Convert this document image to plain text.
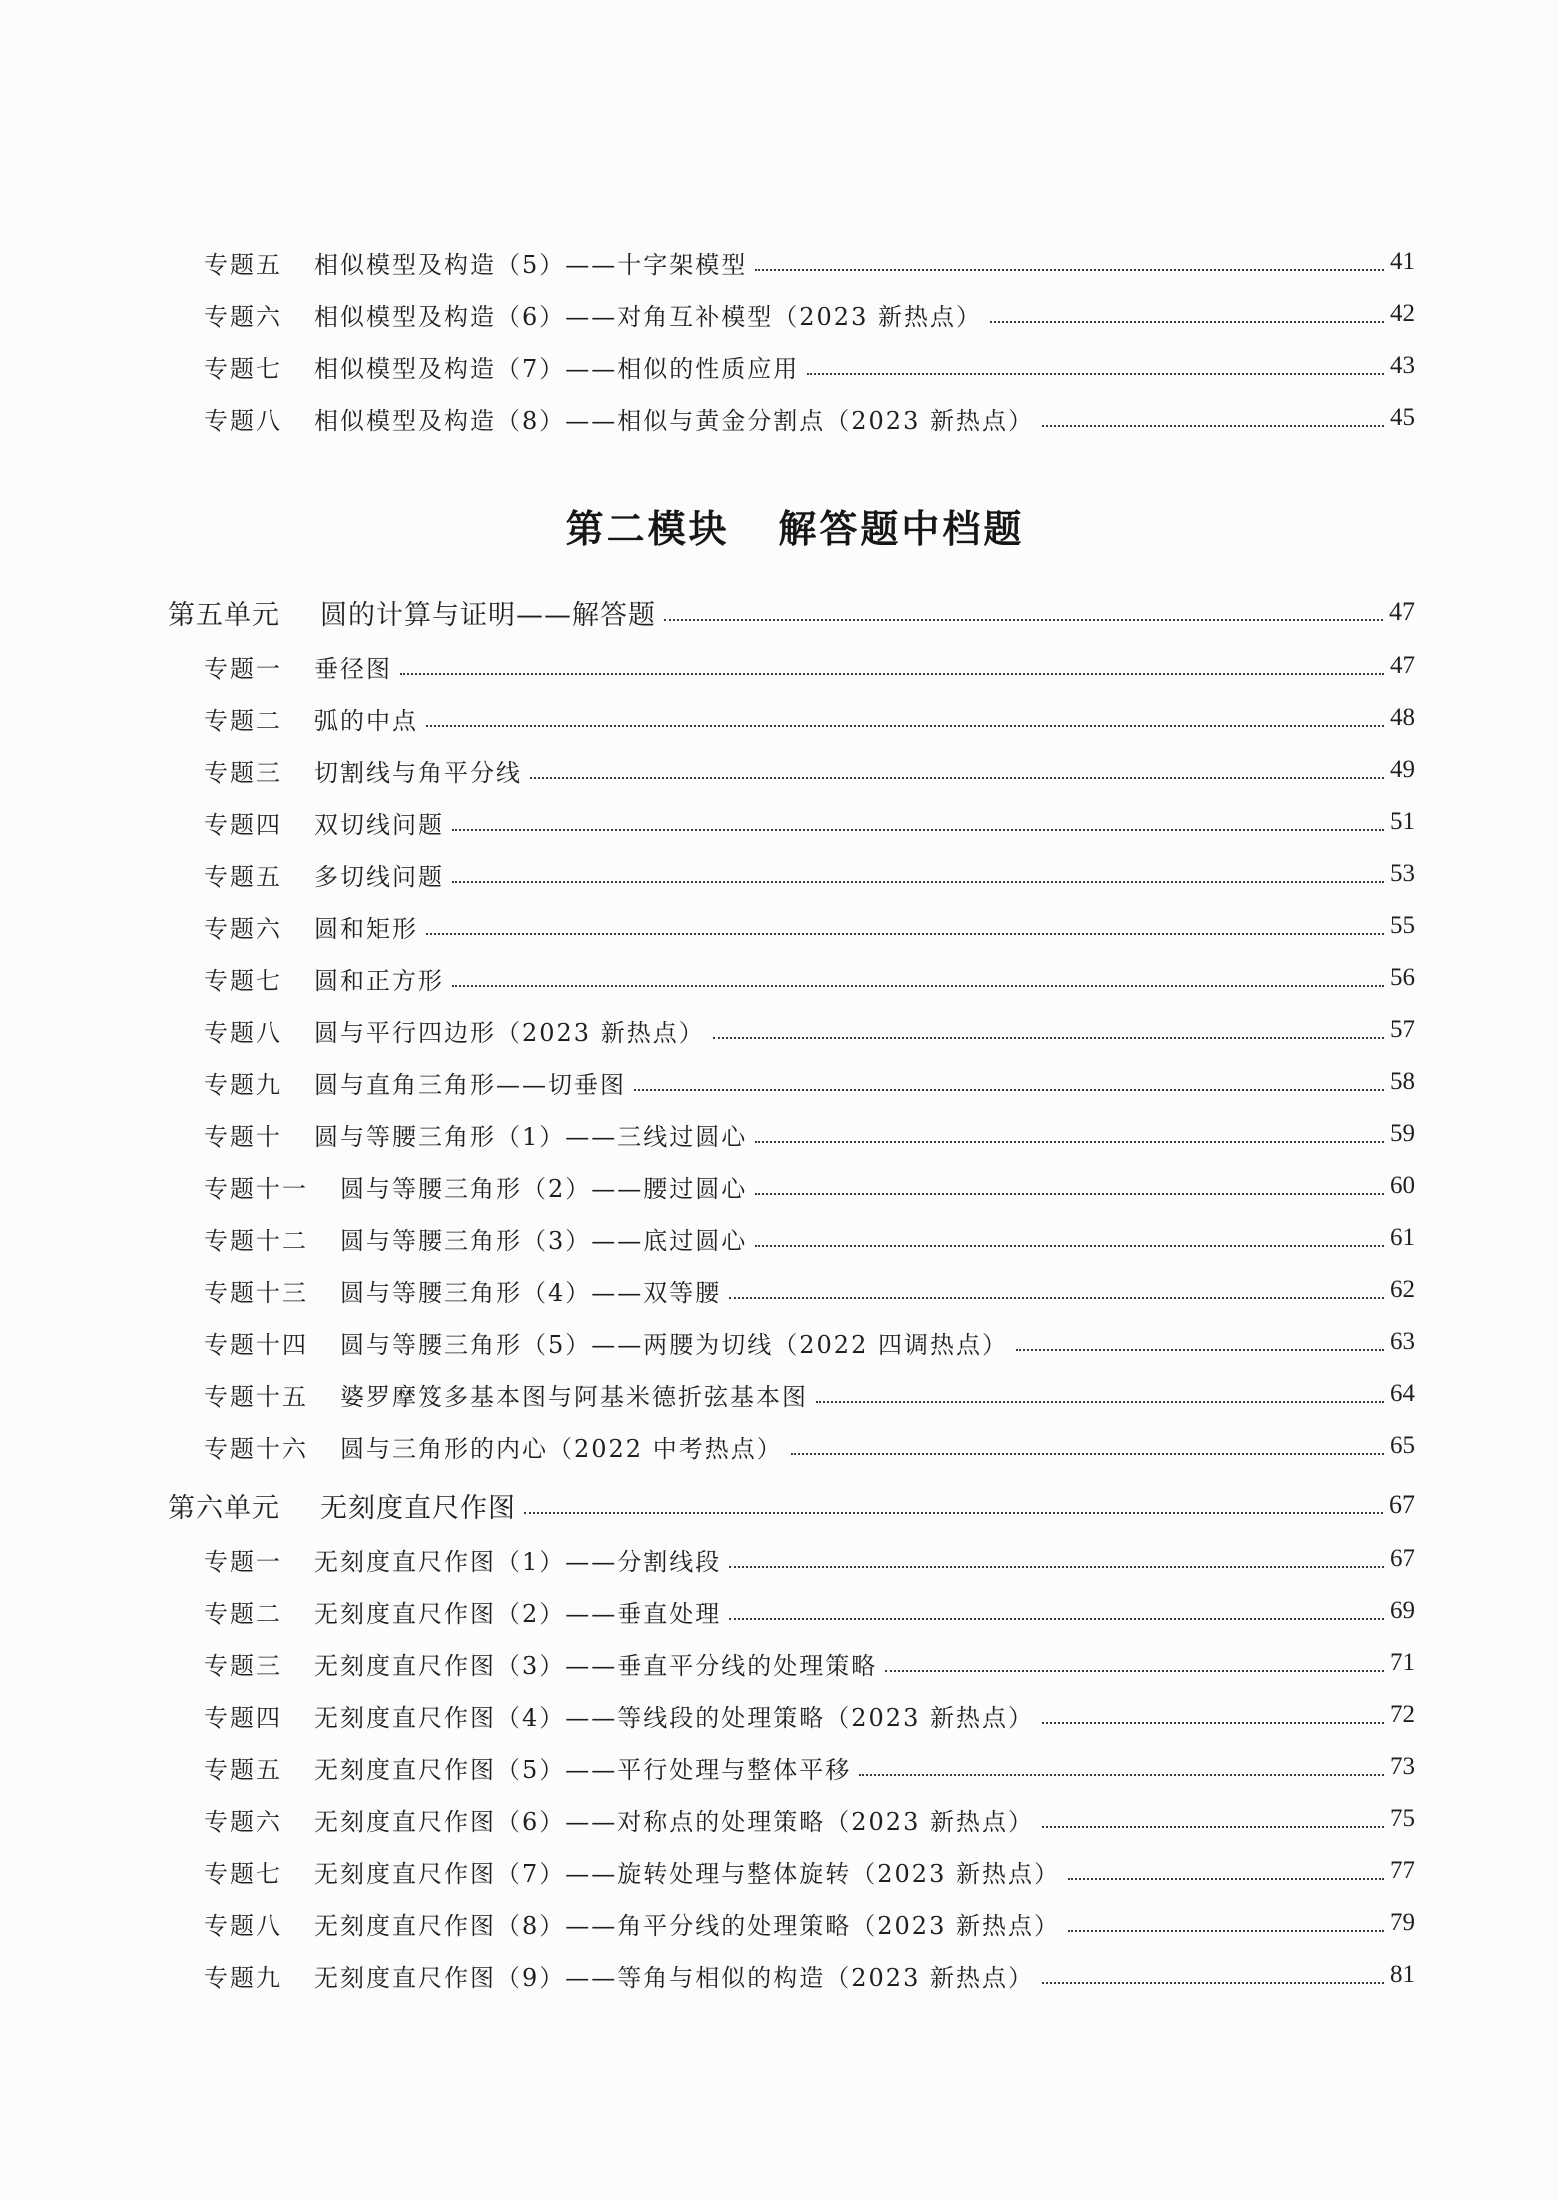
专题五 相似模型及构造（5）——十字架模型	41
专题六 相似模型及构造（6）——对角互补模型（2023 新热点）	42
专题七 相似模型及构造（7）——相似的性质应用	43
专题八 相似模型及构造（8）——相似与黄金分割点（2023 新热点）	45
第二模块   解答题中档题
第五单元 圆的计算与证明——解答题	47
专题一 垂径图	47
专题二 弧的中点	48
专题三 切割线与角平分线	49
专题四 双切线问题	51
专题五 多切线问题	53
专题六 圆和矩形	55
专题七 圆和正方形	56
专题八 圆与平行四边形（2023 新热点）	57
专题九 圆与直角三角形——切垂图	58
专题十 圆与等腰三角形（1）——三线过圆心	59
专题十一 圆与等腰三角形（2）——腰过圆心	60
专题十二 圆与等腰三角形（3）——底过圆心	61
专题十三 圆与等腰三角形（4）——双等腰	62
专题十四 圆与等腰三角形（5）——两腰为切线（2022 四调热点）	63
专题十五 婆罗摩笈多基本图与阿基米德折弦基本图	64
专题十六 圆与三角形的内心（2022 中考热点）	65
第六单元 无刻度直尺作图	67
专题一 无刻度直尺作图（1）——分割线段	67
专题二 无刻度直尺作图（2）——垂直处理	69
专题三 无刻度直尺作图（3）——垂直平分线的处理策略	71
专题四 无刻度直尺作图（4）——等线段的处理策略（2023 新热点）	72
专题五 无刻度直尺作图（5）——平行处理与整体平移	73
专题六 无刻度直尺作图（6）——对称点的处理策略（2023 新热点）	75
专题七 无刻度直尺作图（7）——旋转处理与整体旋转（2023 新热点）	77
专题八 无刻度直尺作图（8）——角平分线的处理策略（2023 新热点）	79
专题九 无刻度直尺作图（9）——等角与相似的构造（2023 新热点）	81
